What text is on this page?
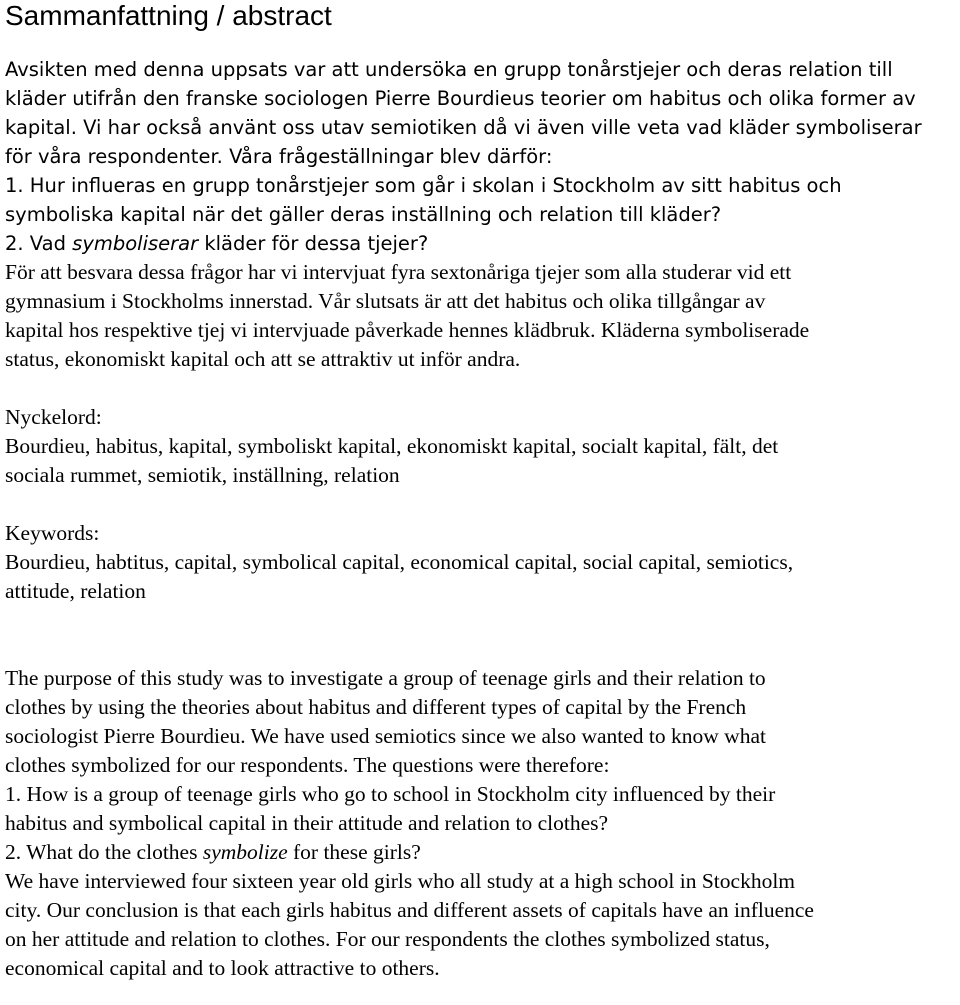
Sammanfattning / abstract

Avsikten med denna uppsats var att undersöka en grupp tonårstjejer och deras relation till

kläder utifrån den franske sociologen Pierre Bourdieus teorier om habitus och olika former av

kapital. Vi har också använt oss utav semiotiken då vi även ville veta vad kläder symboliserar

för våra respondenter. Våra frågeställningar blev därför:

1. Hur influeras en grupp tonårstjejer som går i skolan i Stockholm av sitt habitus och

symboliska kapital när det gäller deras inställning och relation till kläder?

2. Vad symboliserar kläder för dessa tjejer?

För att besvara dessa frågor har vi intervjuat fyra sextonåriga tjejer som alla studerar vid ett

gymnasium i Stockholms innerstad. Vår slutsats är att det habitus och olika tillgångar av

kapital hos respektive tjej vi intervjuade påverkade hennes klädbruk. Kläderna symboliserade

status, ekonomiskt kapital och att se attraktiv ut inför andra.

Nyckelord:

Bourdieu, habitus, kapital, symboliskt kapital, ekonomiskt kapital, socialt kapital, fält, det

sociala rummet, semiotik, inställning, relation

Keywords:

Bourdieu, habtitus, capital, symbolical capital, economical capital, social capital, semiotics,

attitude, relation

The purpose of this study was to investigate a group of teenage girls and their relation to

clothes by using the theories about habitus and different types of capital by the French

sociologist Pierre Bourdieu. We have used semiotics since we also wanted to know what

clothes symbolized for our respondents. The questions were therefore:

1. How is a group of teenage girls who go to school in Stockholm city influenced by their

habitus and symbolical capital in their attitude and relation to clothes?

2. What do the clothes symbolize for these girls?

We have interviewed four sixteen year old girls who all study at a high school in Stockholm

city. Our conclusion is that each girls habitus and different assets of capitals have an influence

on her attitude and relation to clothes. For our respondents the clothes symbolized status,

economical capital and to look attractive to others.
